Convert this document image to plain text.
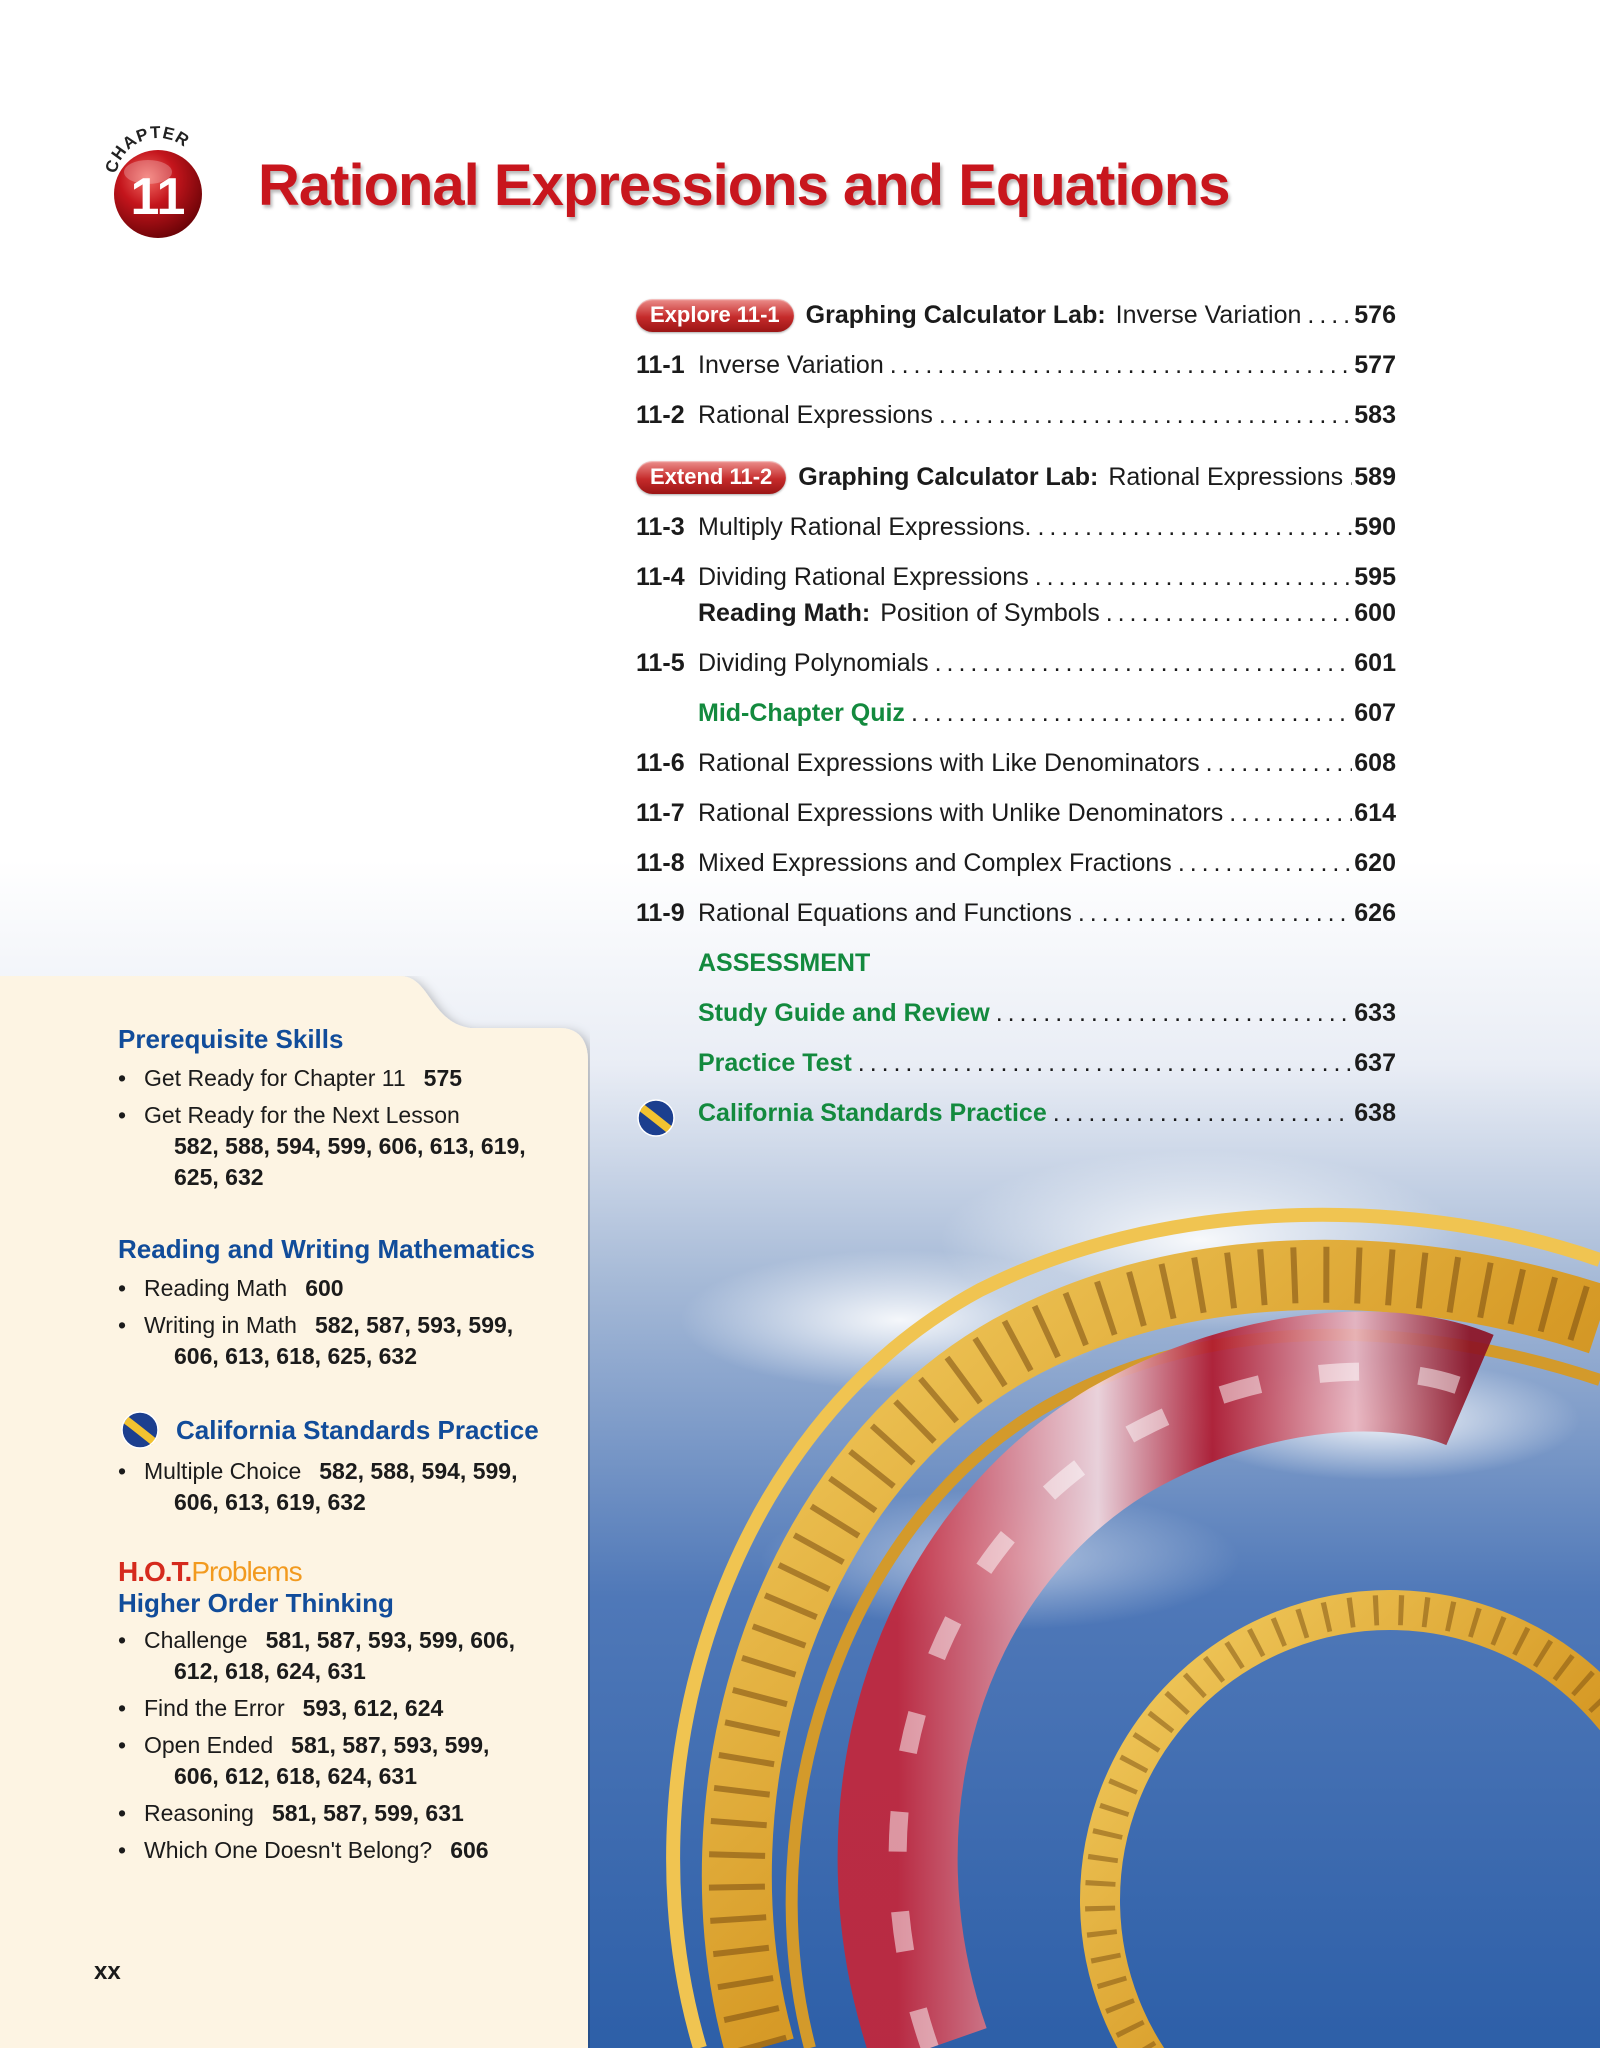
CHAPTER
11 Rational Expressions and Equations
Explore 11-1	Graphing Calculator Lab: Inverse Variation . . . 576
11-1 Inverse Variation . . .	577
11-2 Rational Expressions . . .	583
Extend 11-2	Graphing Calculator Lab: Rational Expressions . . . 589
11-3 Multiply Rational Expressions. . . .	590
11-4 Dividing Rational Expressions . . .	595
Reading Math: Position of Symbols . . .	600
11-5 Dividing Polynomials . . .	601
Mid-Chapter Quiz . . .	607
11-6 Rational Expressions with Like Denominators . . .	608
11-7 Rational Expressions with Unlike Denominators . . .	614
11-8 Mixed Expressions and Complex Fractions . . .	620
11-9 Rational Equations and Functions . . .	626
ASSESSMENT
Study Guide and Review . . .	633
Practice Test . . .	637
California Standards Practice . . .	638
Prerequisite Skills
• Get Ready for Chapter 11 575
• Get Ready for the Next Lesson
582, 588, 594, 599, 606, 613, 619, 625, 632
Reading and Writing Mathematics
• Reading Math 600
• Writing in Math 582, 587, 593, 599,
606, 613, 618, 625, 632
California Standards Practice
• Multiple Choice 582, 588, 594, 599,
606, 613, 619, 632
H.O.T.Problems
Higher Order Thinking
• Challenge 581, 587, 593, 599, 606,
612, 618, 624, 631
• Find the Error 593, 612, 624
• Open Ended 581, 587, 593, 599,
606, 612, 618, 624, 631
• Reasoning 581, 587, 599, 631
• Which One Doesn't Belong? 606
xx
